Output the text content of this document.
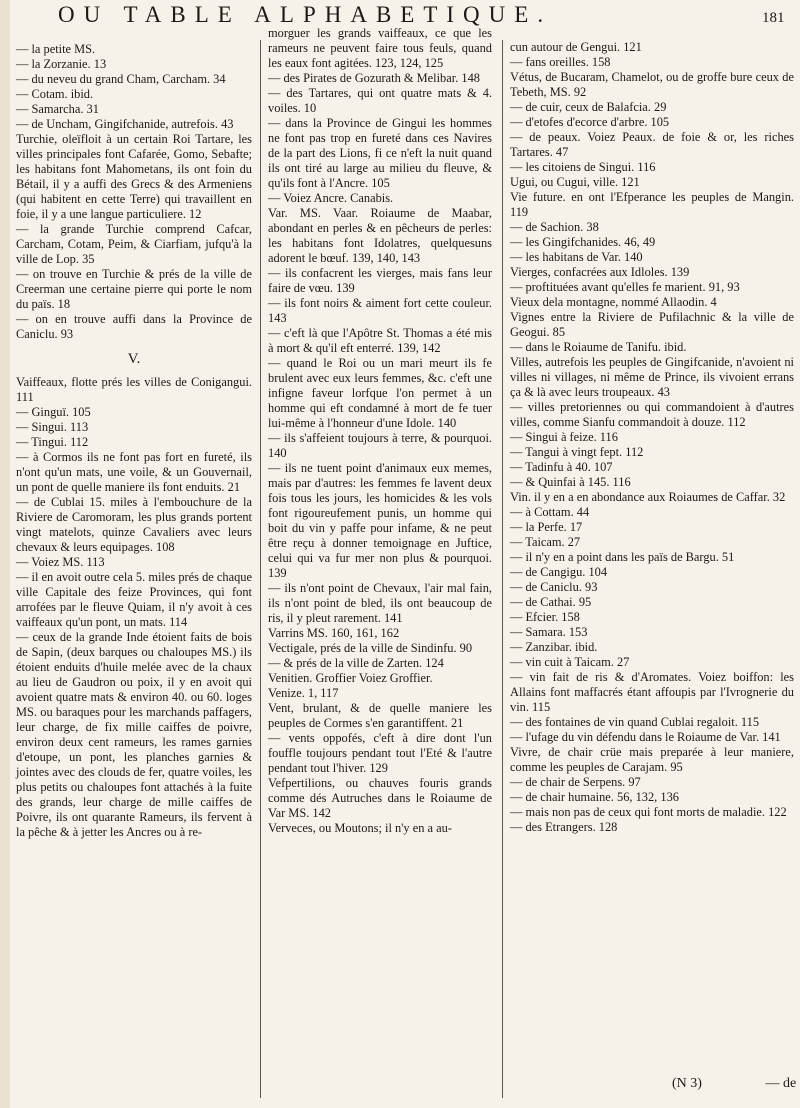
OU TABLE ALPHABETIQUE.	181

— la petite MS.

— la Zorzanie. 13

— du neveu du grand Cham, Carcham. 34

— Cotam. ibid.

— Samarcha. 31

— de Uncham, Gingifchanide, autrefois. 43

Turchie, oleïfloit à un certain Roi Tartare, les villes principales font Cafarée, Gomo, Sebafte; les habitans font Mahometans, ils ont foin du Bétail, il y a auffi des Grecs & des Armeniens (qui habitent en cette Terre) qui travaillent en foie, il y a une langue particuliere. 12

— la grande Turchie comprend Cafcar, Carcham, Cotam, Peim, & Ciarfiam, jufqu'à la ville de Lop. 35

— on trouve en Turchie & prés de la ville de Creerman une certaine pierre qui porte le nom du païs. 18

— on en trouve auffi dans la Province de Caniclu. 93

V.

Vaiffeaux, flotte prés les villes de Conigangui. 111

— Ginguï. 105

— Singui. 113

— Tingui. 112

— à Cormos ils ne font pas fort en fureté, ils n'ont qu'un mats, une voile, & un Gouvernail, un pont de quelle maniere ils font enduits. 21

— de Cublai 15. miles à l'embouchure de la Riviere de Caromoram, les plus grands portent vingt matelots, quinze Cavaliers avec leurs chevaux & leurs equipages. 108

— Voiez MS. 113

— il en avoit outre cela 5. miles prés de chaque ville Capitale des feize Provinces, qui font arrofées par le fleuve Quiam, il n'y avoit à ces vaiffeaux qu'un pont, un mats. 114

— ceux de la grande Inde étoient faits de bois de Sapin, (deux barques ou chaloupes MS.) ils étoient enduits d'huile melée avec de la chaux au lieu de Gaudron ou poix, il y en avoit qui avoient quatre mats & environ 40. ou 60. loges MS. ou baraques pour les marchands paffagers, leur charge, de fix mille caiffes de poivre, environ deux cent rameurs, les rames garnies d'etoupe, un pont, les planches garnies & jointes avec des clouds de fer, quatre voiles, les plus petits ou chaloupes font attachés à la fuite des grands, leur charge de mille caiffes de Poivre, ils ont quarante Rameurs, ils fervent à la pêche & à jetter les Ancres ou à re-

morguer les grands vaiffeaux, ce que les rameurs ne peuvent faire tous feuls, quand les eaux font agitées. 123, 124, 125

— des Pirates de Gozurath & Melibar. 148

— des Tartares, qui ont quatre mats & 4. voiles. 10

— dans la Province de Gingui les hommes ne font pas trop en fureté dans ces Navires de la part des Lions, fi ce n'eft la nuit quand ils ont tiré au large au milieu du fleuve, & qu'ils font à l'Ancre. 105

— Voiez Ancre. Canabis.

Var. MS. Vaar. Roiaume de Maabar, abondant en perles & en pêcheurs de perles: les habitans font Idolatres, quelquesuns adorent le bœuf. 139, 140, 143

— ils confacrent les vierges, mais fans leur faire de vœu. 139

— ils font noirs & aiment fort cette couleur. 143

— c'eft là que l'Apôtre St. Thomas a été mis à mort & qu'il eft enterré. 139, 142

— quand le Roi ou un mari meurt ils fe brulent avec eux leurs femmes, &c. c'eft une infigne faveur lorfque l'on permet à un homme qui eft condamné à mort de fe tuer lui-même à l'honneur d'une Idole. 140

— ils s'affeient toujours à terre, & pourquoi. 140

— ils ne tuent point d'animaux eux memes, mais par d'autres: les femmes fe lavent deux fois tous les jours, les homicides & les vols font rigoureufement punis, un homme qui boit du vin y paffe pour infame, & ne peut être reçu à donner temoignage en Juftice, celui qui va fur mer non plus & pourquoi. 139

— ils n'ont point de Chevaux, l'air mal fain, ils n'ont point de bled, ils ont beaucoup de ris, il y pleut rarement. 141

Varrins MS. 160, 161, 162

Vectigale, prés de la ville de Sindinfu. 90

— & prés de la ville de Zarten. 124

Venitien. Groffier Voiez Groffier.

Venize. 1, 117

Vent, brulant, & de quelle maniere les peuples de Cormes s'en garantiffent. 21

— vents oppofés, c'eft à dire dont l'un fouffle toujours pendant tout l'Eté & l'autre pendant tout l'hiver. 129

Vefpertilions, ou chauves fouris grands comme dés Autruches dans le Roiaume de Var MS. 142

Verveces, ou Moutons; il n'y en a au-

cun autour de Gengui. 121

— fans oreilles. 158

Vétus, de Bucaram, Chamelot, ou de groffe bure ceux de Tebeth, MS. 92

— de cuir, ceux de Balafcia. 29

— d'etofes d'ecorce d'arbre. 105

— de peaux. Voiez Peaux. de foie & or, les riches Tartares. 47

— les citoiens de Singui. 116

Ugui, ou Cugui, ville. 121

Vie future. en ont l'Efperance les peuples de Mangin. 119

— de Sachion. 38

— les Gingifchanides. 46, 49

— les habitans de Var. 140

Vierges, confacrées aux Idloles. 139

— proftituées avant qu'elles fe marient. 91, 93

Vieux dela montagne, nommé Allaodin. 4

Vignes entre la Riviere de Pufilachnic & la ville de Geogui. 85

— dans le Roiaume de Tanifu. ibid.

Villes, autrefois les peuples de Gingifcanide, n'avoient ni villes ni villages, ni même de Prince, ils vivoient errans ça & là avec leurs troupeaux. 43

— villes pretoriennes ou qui commandoient à d'autres villes, comme Sianfu commandoit à douze. 112

— Singui à feize. 116

— Tangui à vingt fept. 112

— Tadinfu à 40. 107

— & Quinfai à 145. 116

Vin. il y en a en abondance aux Roiaumes de Caffar. 32

— à Cottam. 44

— la Perfe. 17

— Taicam. 27

— il n'y en a point dans les païs de Bargu. 51

— de Cangigu. 104

— de Caniclu. 93

— de Cathai. 95

— Efcier. 158

— Samara. 153

— Zanzibar. ibid.

— vin cuit à Taicam. 27

— vin fait de ris & d'Aromates. Voiez boiffon: les Allains font maffacrés étant affoupis par l'Ivrognerie du vin. 115

— des fontaines de vin quand Cublai regaloit. 115

— l'ufage du vin défendu dans le Roiaume de Var. 141

Vivre, de chair crüe mais preparée à leur maniere, comme les peuples de Carajam. 95

— de chair de Serpens. 97

— de chair humaine. 56, 132, 136

— mais non pas de ceux qui font morts de maladie. 122

— des Etrangers. 128

(N 3)	— de
